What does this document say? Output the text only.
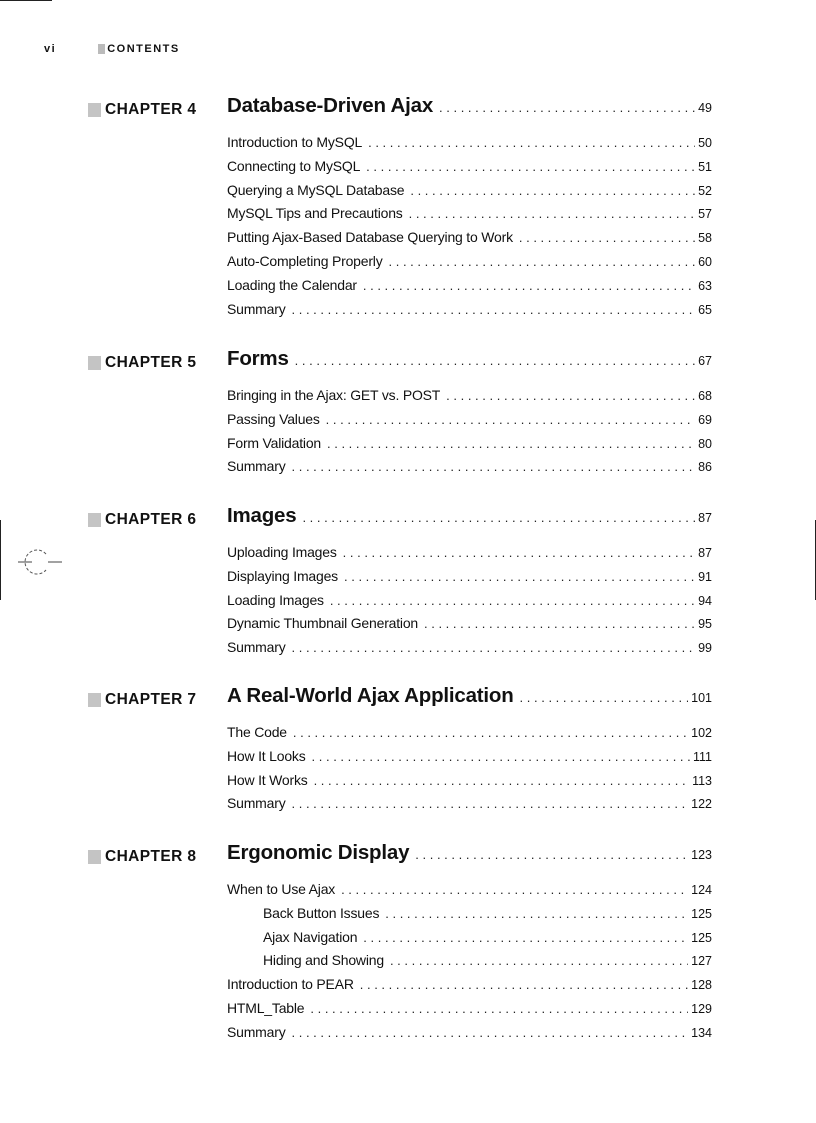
vi	CONTENTS
CHAPTER 4 Database-Driven Ajax . . .	49
Introduction to MySQL . . .	50
Connecting to MySQL . . .	51
Querying a MySQL Database . . .	52
MySQL Tips and Precautions . . .	57
Putting Ajax-Based Database Querying to Work . . .	58
Auto-Completing Properly . . .	60
Loading the Calendar . . .	63
Summary . . .	65
CHAPTER 5 Forms . . .	67
Bringing in the Ajax: GET vs. POST . . .	68
Passing Values . . .	69
Form Validation . . .	80
Summary . . .	86
CHAPTER 6 Images . . .	87
Uploading Images . . .	87
Displaying Images . . .	91
Loading Images . . .	94
Dynamic Thumbnail Generation . . .	95
Summary . . .	99
CHAPTER 7 A Real-World Ajax Application . . .	101
The Code . . .	102
How It Looks . . .	111
How It Works . . .	113
Summary . . .	122
CHAPTER 8 Ergonomic Display . . .	123
When to Use Ajax . . .	124
Back Button Issues . . .	125
Ajax Navigation . . .	125
Hiding and Showing . . .	127
Introduction to PEAR . . .	128
HTML_Table . . .	129
Summary . . .	134
